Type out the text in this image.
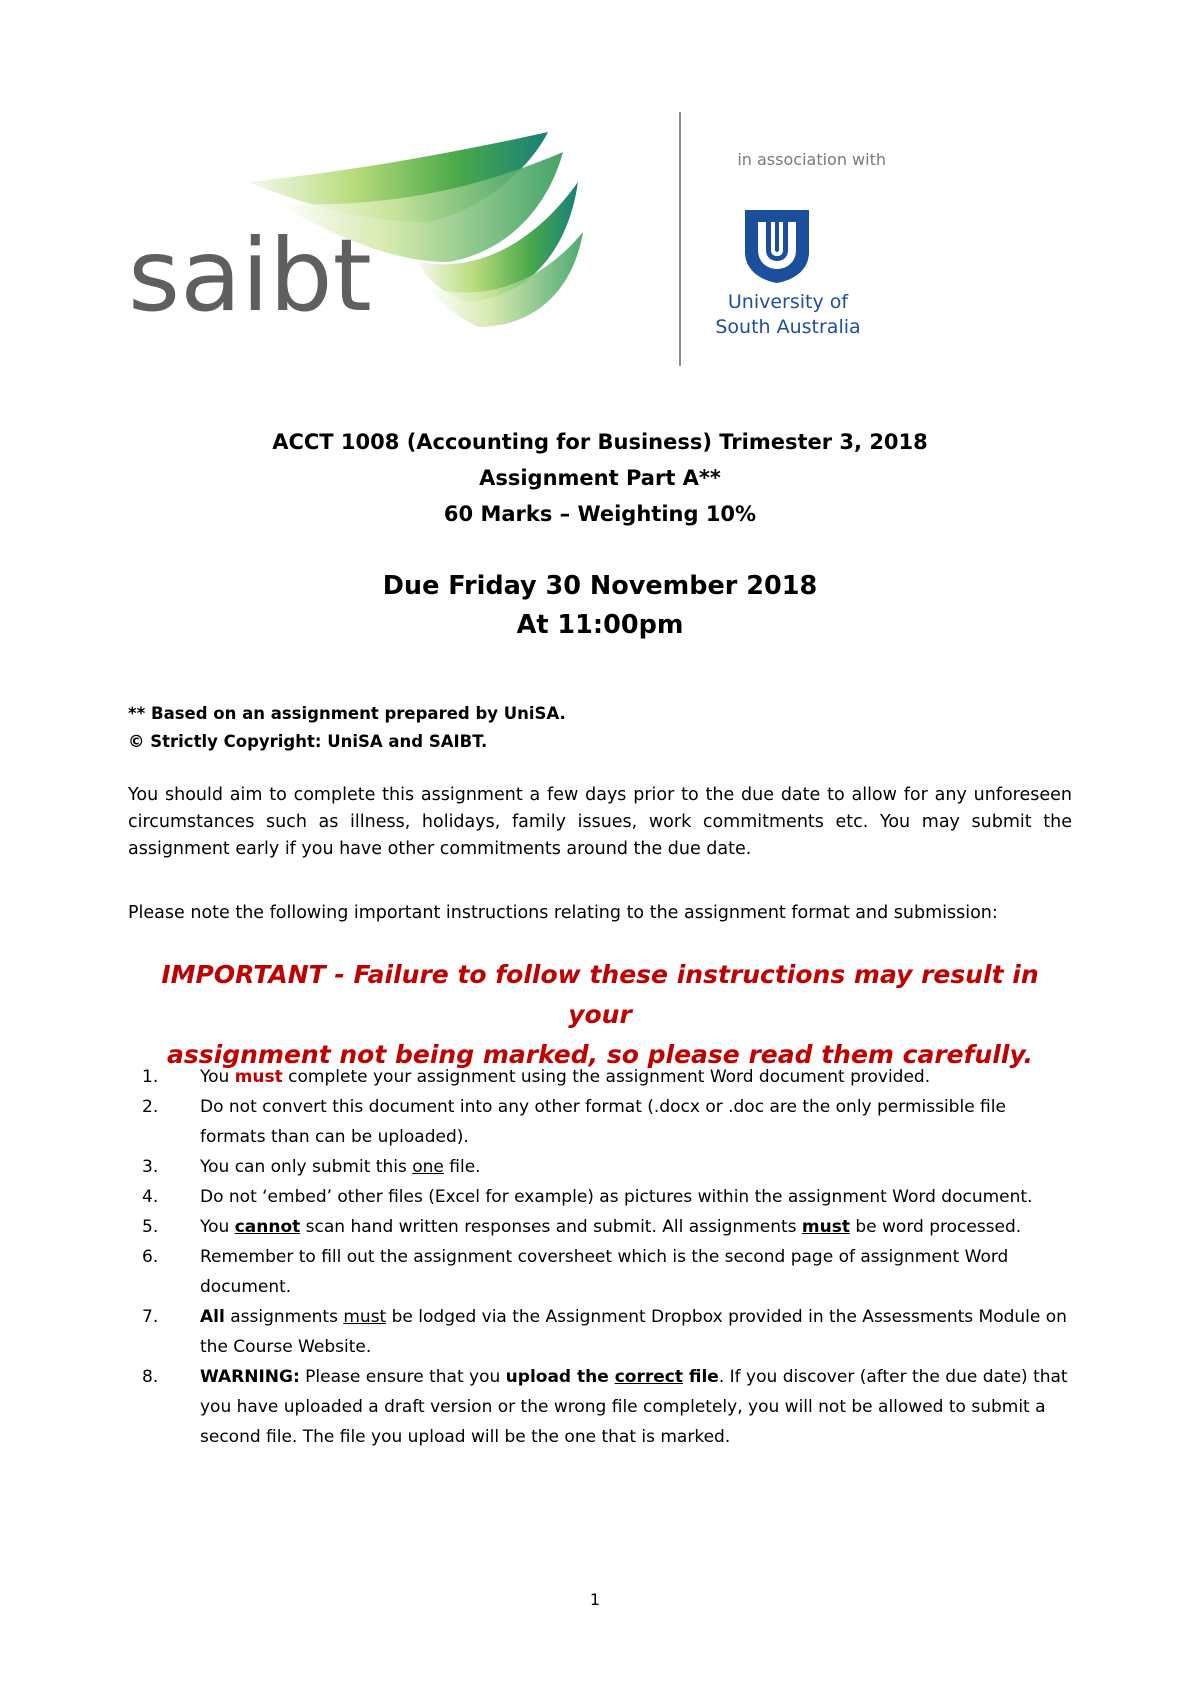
saibt
in association with
University of
South Australia
ACCT 1008 (Accounting for Business) Trimester 3, 2018
Assignment Part A**
60 Marks – Weighting 10%
Due Friday 30 November 2018
At 11:00pm
** Based on an assignment prepared by UniSA.
© Strictly Copyright: UniSA and SAIBT.
You should aim to complete this assignment a few days prior to the due date to allow for any unforeseen circumstances such as illness, holidays, family issues, work commitments etc. You may submit the assignment early if you have other commitments around the due date.
Please note the following important instructions relating to the assignment format and submission:
IMPORTANT - Failure to follow these instructions may result in your
assignment not being marked, so please read them carefully.
1. You must complete your assignment using the assignment Word document provided.
2. Do not convert this document into any other format (.docx or .doc are the only permissible file formats than can be uploaded).
3. You can only submit this one file.
4. Do not ‘embed’ other files (Excel for example) as pictures within the assignment Word document.
5. You cannot scan hand written responses and submit. All assignments must be word processed.
6. Remember to fill out the assignment coversheet which is the second page of assignment Word document.
7. All assignments must be lodged via the Assignment Dropbox provided in the Assessments Module on the Course Website.
8. WARNING: Please ensure that you upload the correct file. If you discover (after the due date) that you have uploaded a draft version or the wrong file completely, you will not be allowed to submit a second file. The file you upload will be the one that is marked.
1
